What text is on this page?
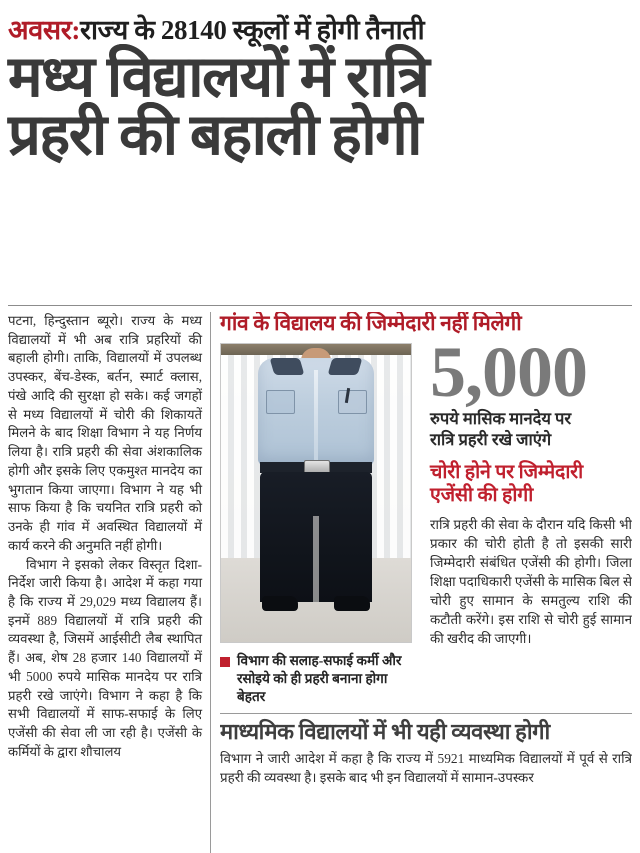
अवसर:राज्य के 28140 स्कूलों में होगी तैनाती
मध्य विद्यालयों में रात्रि
प्रहरी की बहाली होगी

पटना, हिन्दुस्तान ब्यूरो। राज्य के मध्य विद्यालयों में भी अब रात्रि प्रहरियों की बहाली होगी। ताकि, विद्यालयों में उपलब्ध उपस्कर, बेंच-डेस्क, बर्तन, स्मार्ट क्लास, पंखे आदि की सुरक्षा हो सके। कई जगहों से मध्य विद्यालयों में चोरी की शिकायतें मिलने के बाद शिक्षा विभाग ने यह निर्णय लिया है। रात्रि प्रहरी की सेवा अंशकालिक होगी और इसके लिए एकमुश्त मानदेय का भुगतान किया जाएगा। विभाग ने यह भी साफ किया है कि चयनित रात्रि प्रहरी को उनके ही गांव में अवस्थित विद्यालयों में कार्य करने की अनुमति नहीं होगी।

विभाग ने इसको लेकर विस्तृत दिशा-निर्देश जारी किया है। आदेश में कहा गया है कि राज्य में 29,029 मध्य विद्यालय हैं। इनमें 889 विद्यालयों में रात्रि प्रहरी की व्यवस्था है, जिसमें आईसीटी लैब स्थापित हैं। अब, शेष 28 हजार 140 विद्यालयों में भी 5000 रुपये मासिक मानदेय पर रात्रि प्रहरी रखे जाएंगे। विभाग ने कहा है कि सभी विद्यालयों में साफ-सफाई के लिए एजेंसी की सेवा ली जा रही है। एजेंसी के कर्मियों के द्वारा शौचालय

गांव के विद्यालय की जिम्मेदारी नहीं मिलेगी
विभाग की सलाह-सफाई कर्मी और रसोइये को ही प्रहरी बनाना होगा बेहतर
5,000
रुपये मासिक मानदेय पर
रात्रि प्रहरी रखे जाएंगे
चोरी होने पर जिम्मेदारी
एजेंसी की होगी
रात्रि प्रहरी की सेवा के दौरान यदि किसी भी प्रकार की चोरी होती है तो इसकी सारी जिम्मेदारी संबंधित एजेंसी की होगी। जिला शिक्षा पदाधिकारी एजेंसी के मासिक बिल से चोरी हुए सामान के समतुल्य राशि की कटौती करेंगे। इस राशि से चोरी हुई सामान की खरीद की जाएगी।
माध्यमिक विद्यालयों में भी यही व्यवस्था होगी
विभाग ने जारी आदेश में कहा है कि राज्य में 5921 माध्यमिक विद्यालयों में पूर्व से रात्रि प्रहरी की व्यवस्था है। इसके बाद भी इन विद्यालयों में सामान-उपस्कर
